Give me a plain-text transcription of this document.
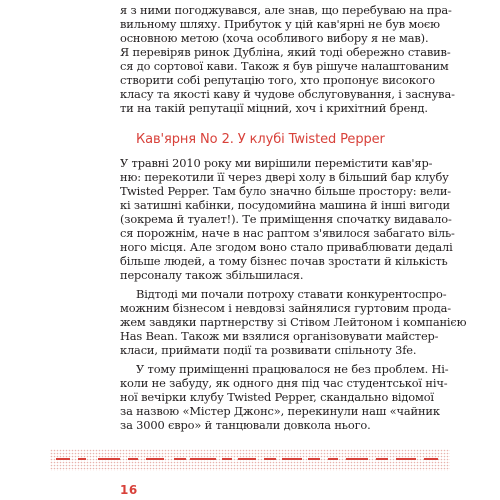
я з ними погоджувався, але знав, що перебуваю на пра-
вильному шляху. Прибуток у цій кав'ярні не був моєю
основною метою (хоча особливого вибору я не мав).
Я перевіряв ринок Дубліна, який тоді обережно ставив-
ся до сортової кави. Також я був рішуче налаштованим
створити собі репутацію того, хто пропонує високого
класу та якості каву й чудове обслуговування, і заснува-
ти на такій репутації міцний, хоч і крихітний бренд.
Кав'ярня No 2. У клубі Twisted Pepper
У травні 2010 року ми вирішили перемістити кав'яр-
ню: перекотили її через двері холу в більший бар клубу
Twisted Pepper. Там було значно більше простору: вели-
кі затишні кабінки, посудомийна машина й інші вигоди
(зокрема й туалет!). Те приміщення спочатку видавало-
ся порожнім, наче в нас раптом з'явилося забагато віль-
ного місця. Але згодом воно стало приваблювати дедалі
більше людей, а тому бізнес почав зростати й кількість
персоналу також збільшилася.
Відтоді ми почали потроху ставати конкурентоспро-
можним бізнесом і невдовзі зайнялися гуртовим прода-
жем завдяки партнерству зі Стівом Лейтоном і компанією
Has Bean. Також ми взялися організовувати майстер-
класи, приймати події та розвивати спільноту 3fe.
У тому приміщенні працювалося не без проблем. Ні-
коли не забуду, як одного дня під час студентської ніч-
ної вечірки клубу Twisted Pepper, скандально відомої
за назвою «Містер Джонс», перекинули наш «чайник
за 3000 євро» й танцювали довкола нього.
16
